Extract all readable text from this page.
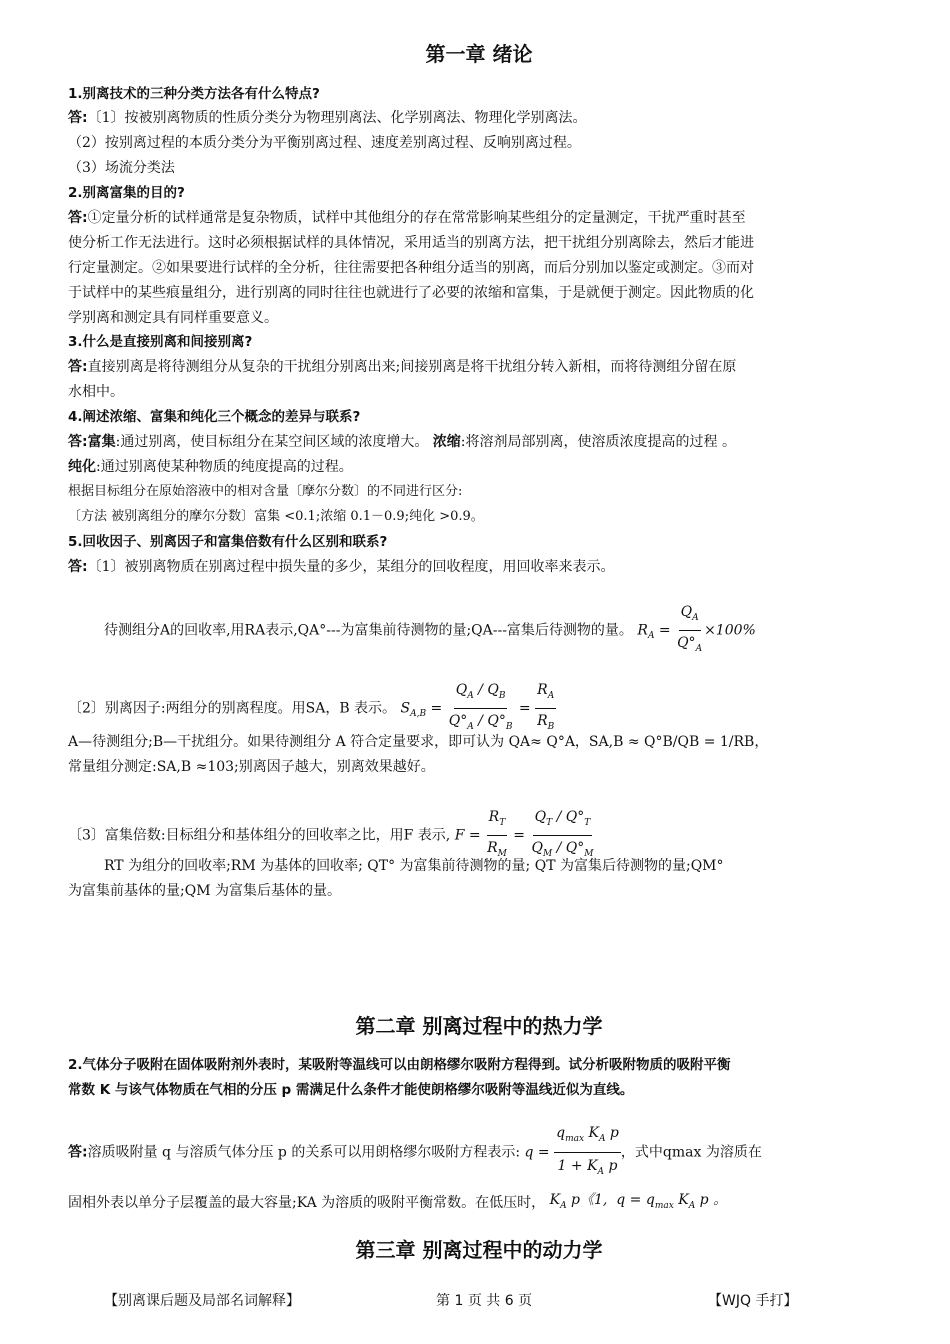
第一章 绪论
1.别离技术的三种分类方法各有什么特点?
答:〔1〕按被别离物质的性质分类分为物理别离法、化学别离法、物理化学别离法。
（2）按别离过程的本质分类分为平衡别离过程、速度差别离过程、反响别离过程。
（3）场流分类法
2.别离富集的目的?
答:①定量分析的试样通常是复杂物质，试样中其他组分的存在常常影响某些组分的定量测定，干扰严重时甚至
使分析工作无法进行。这时必须根据试样的具体情况，采用适当的别离方法，把干扰组分别离除去，然后才能进
行定量测定。②如果要进行试样的全分析，往往需要把各种组分适当的别离，而后分别加以鉴定或测定。③而对
于试样中的某些痕量组分，进行别离的同时往往也就进行了必要的浓缩和富集，于是就便于测定。因此物质的化
学别离和测定具有同样重要意义。
3.什么是直接别离和间接别离?
答:直接别离是将待测组分从复杂的干扰组分别离出来;间接别离是将干扰组分转入新相，而将待测组分留在原
水相中。
4.阐述浓缩、富集和纯化三个概念的差异与联系?
答:富集:通过别离，使目标组分在某空间区域的浓度增大。 浓缩:将溶剂局部别离，使溶质浓度提高的过程 。
纯化:通过别离使某种物质的纯度提高的过程。
根据目标组分在原始溶液中的相对含量〔摩尔分数〕的不同进行区分:
〔方法 被别离组分的摩尔分数〕富集 <0.1;浓缩 0.1－0.9;纯化 >0.9。
5.回收因子、别离因子和富集倍数有什么区别和联系?
答:〔1〕被别离物质在别离过程中损失量的多少，某组分的回收程度，用回收率来表示。
待测组分A的回收率,用RA表示,QA°---为富集前待测物的量;QA---富集后待测物的量。 $R_A = \frac{Q_A}{Q^\circ_A} \times 100\%$
〔2〕别离因子:两组分的别离程度。用SA，B 表示。 $S_{A,B} = \frac{Q_A / Q_B}{Q^\circ_A / Q^\circ_B} = \frac{R_A}{R_B}$
A—待测组分;B—干扰组分。如果待测组分 A 符合定量要求，即可认为 QA≈ Q°A，SA,B ≈ Q°B/QB = 1/RB，
常量组分测定:SA,B ≈103;别离因子越大，别离效果越好。
〔3〕富集倍数:目标组分和基体组分的回收率之比，用F 表示, $F = \frac{R_T}{R_M} = \frac{Q_T / Q^\circ_T}{Q_M / Q^\circ_M}$
RT 为组分的回收率;RM 为基体的回收率; QT° 为富集前待测物的量; QT 为富集后待测物的量;QM°
为富集前基体的量;QM 为富集后基体的量。
第二章 别离过程中的热力学
2.气体分子吸附在固体吸附剂外表时，某吸附等温线可以由朗格缪尔吸附方程得到。试分析吸附物质的吸附平衡
常数 K 与该气体物质在气相的分压 p 需满足什么条件才能使朗格缪尔吸附等温线近似为直线。
答:溶质吸附量 q 与溶质气体分压 p 的关系可以用朗格缪尔吸附方程表示: $q = \frac{q_{max} K_A p}{1 + K_A p}$ ，式中qmax 为溶质在
固相外表以单分子层覆盖的最大容量;KA 为溶质的吸附平衡常数。在低压时， $K_A$ p《1,  $q = q_{max}$ $K_A$ p 。
第三章 别离过程中的动力学
【别离课后题及局部名词解释】	第 1 页 共 6 页	【WJQ 手打】
